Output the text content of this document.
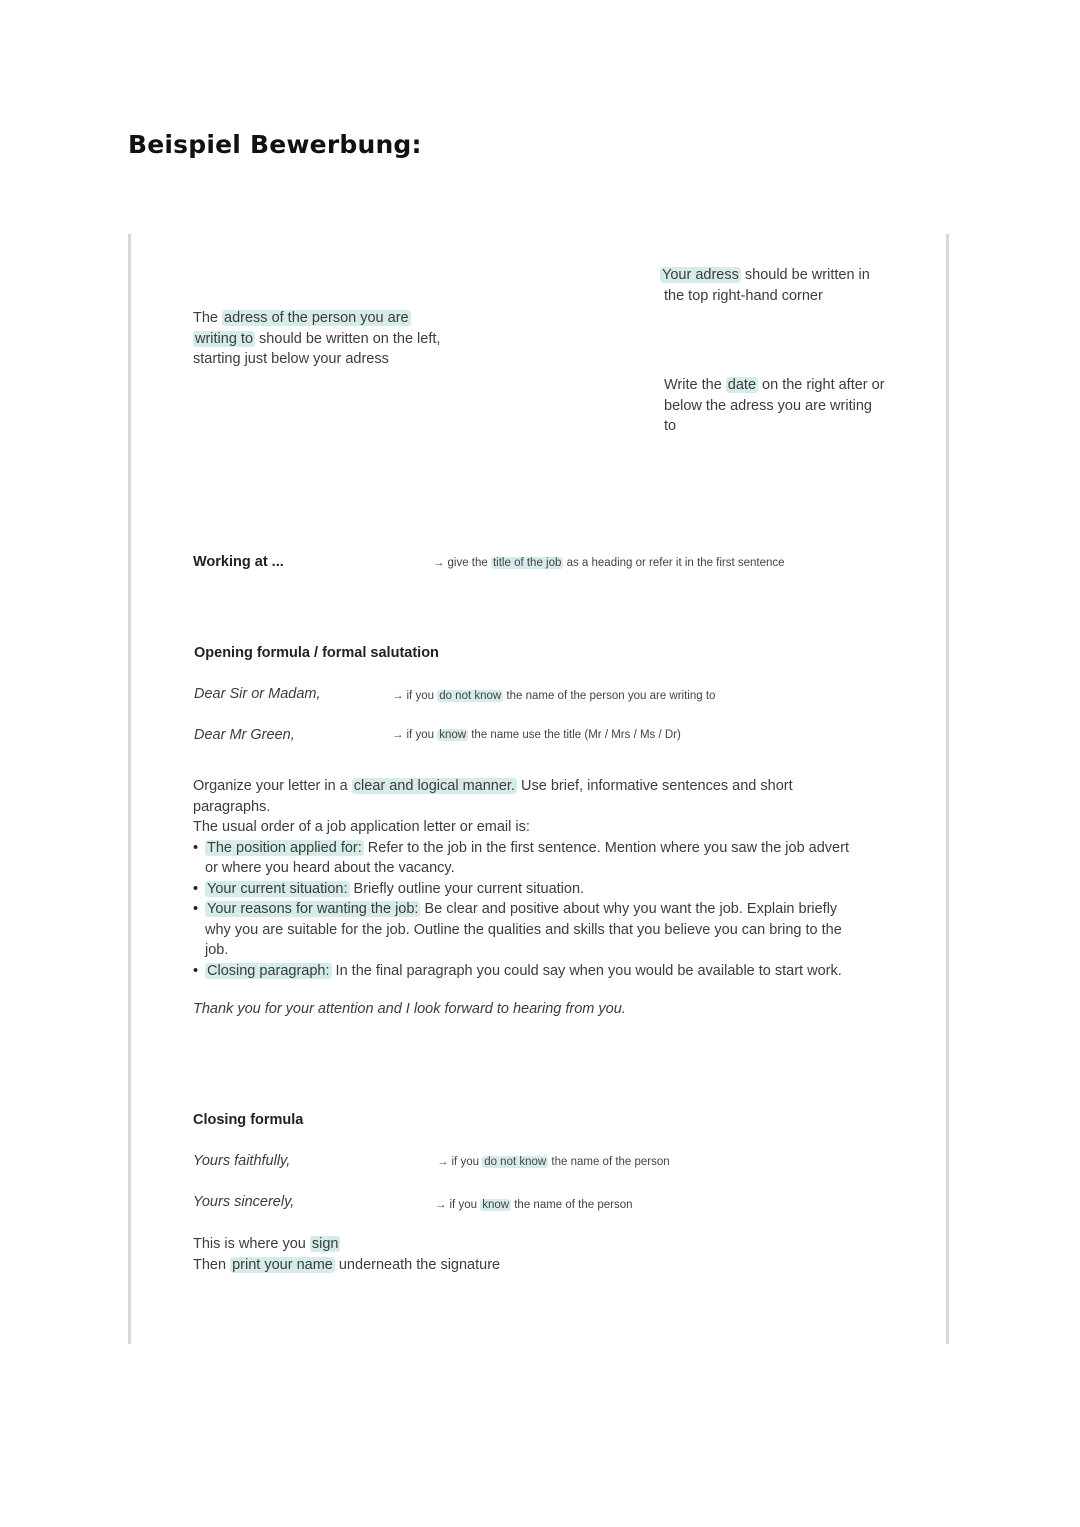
Beispiel Bewerbung:
Your adress should be written in
the top right-hand corner
The adress of the person you are
writing to should be written on the left,
starting just below your adress
Write the date on the right after or
below the adress you are writing
to
Working at ...	→ give the title of the job as a heading or refer it in the first sentence
Opening formula / formal salutation
Dear Sir or Madam,	→ if you do not know the name of the person you are writing to
Dear Mr Green,	→ if you know the name use the title (Mr / Mrs / Ms / Dr)
Organize your letter in a clear and logical manner. Use brief, informative sentences and short
paragraphs.
The usual order of a job application letter or email is:
• The position applied for: Refer to the job in the first sentence. Mention where you saw the job advert
or where you heard about the vacancy.
• Your current situation: Briefly outline your current situation.
• Your reasons for wanting the job: Be clear and positive about why you want the job. Explain briefly
why you are suitable for the job. Outline the qualities and skills that you believe you can bring to the
job.
• Closing paragraph: In the final paragraph you could say when you would be available to start work.
Thank you for your attention and I look forward to hearing from you.
Closing formula
Yours faithfully,	→ if you do not know the name of the person
Yours sincerely,	→ if you know the name of the person
This is where you sign
Then print your name underneath the signature
